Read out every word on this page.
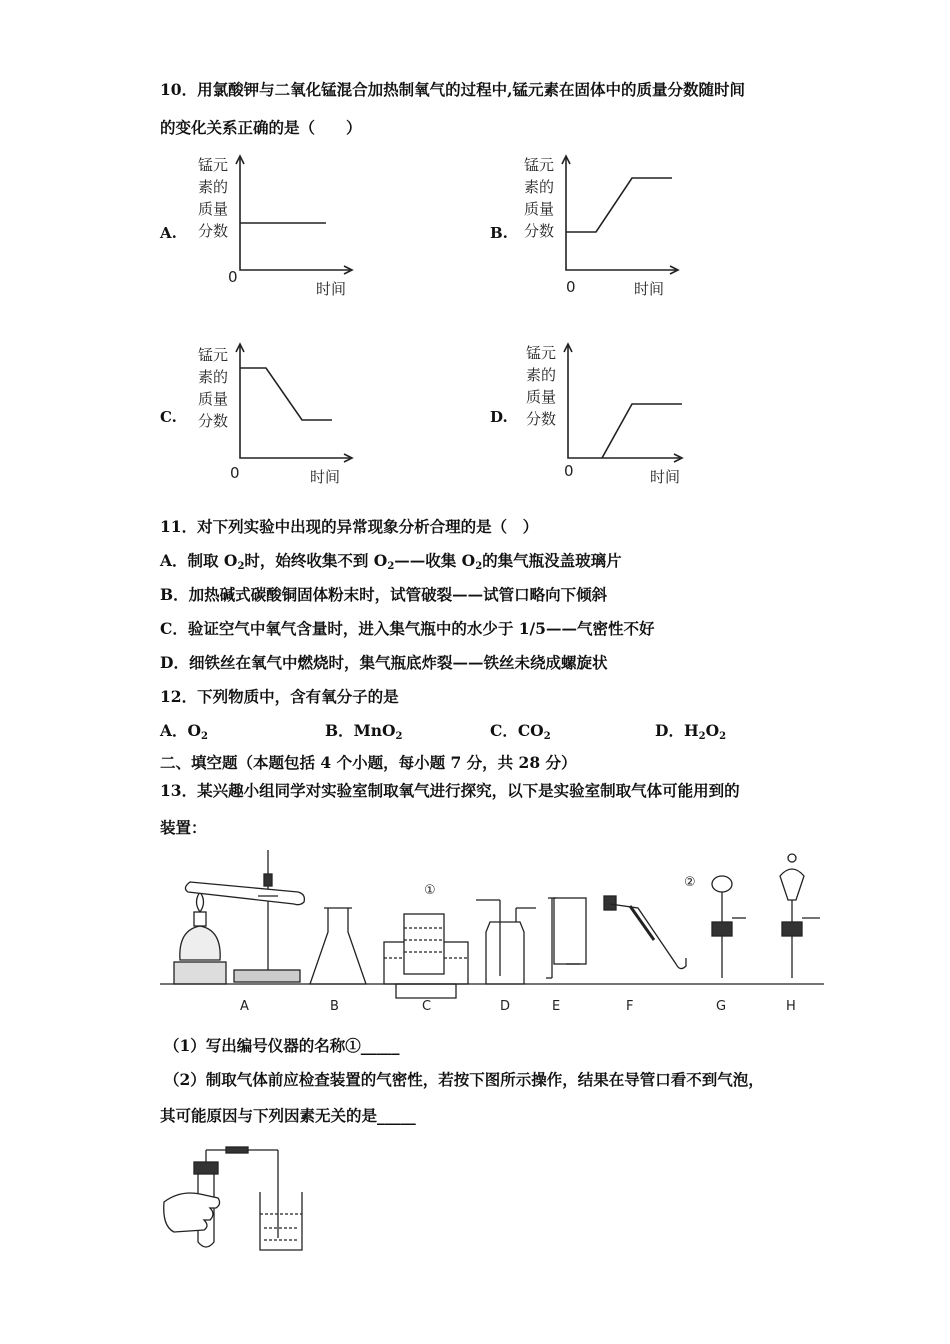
10．用氯酸钾与二氧化锰混合加热制氧气的过程中,锰元素在固体中的质量分数随时间
的变化关系正确的是（　　）
A.
锰元
素的
质量
分数
0
时间
B.
锰元
素的
质量
分数
0	时间
C.
锰元
素的
质量
分数
0	时间
D.
锰元
素的
质量
分数
0	时间
11．对下列实验中出现的异常现象分析合理的是（　）
A．制取 $O_2$时，始终收集不到 $O_2——$收集 $O_2$的集气瓶没盖玻璃片
B．加热碱式碳酸铜固体粉末时，试管破裂——试管口略向下倾斜
C．验证空气中氧气含量时，进入集气瓶中的水少于 1/5——气密性不好
D．细铁丝在氧气中燃烧时，集气瓶底炸裂——铁丝未绕成螺旋状
12．下列物质中，含有氧分子的是
A．$O_2$	B．MnO$_2$	C．$CO_2$	D．$H_2O_2$
二、填空题（本题包括 4 个小题，每小题 7 分，共 28 分）
13．某兴趣小组同学对实验室制取氧气进行探究，以下是实验室制取气体可能用到的
装置：
①
②
A	B	C	D	E	F	G	H
（1）写出编号仪器的名称①_____
（2）制取气体前应检查装置的气密性，若按下图所示操作，结果在导管口看不到气泡，
其可能原因与下列因素无关的是_____
